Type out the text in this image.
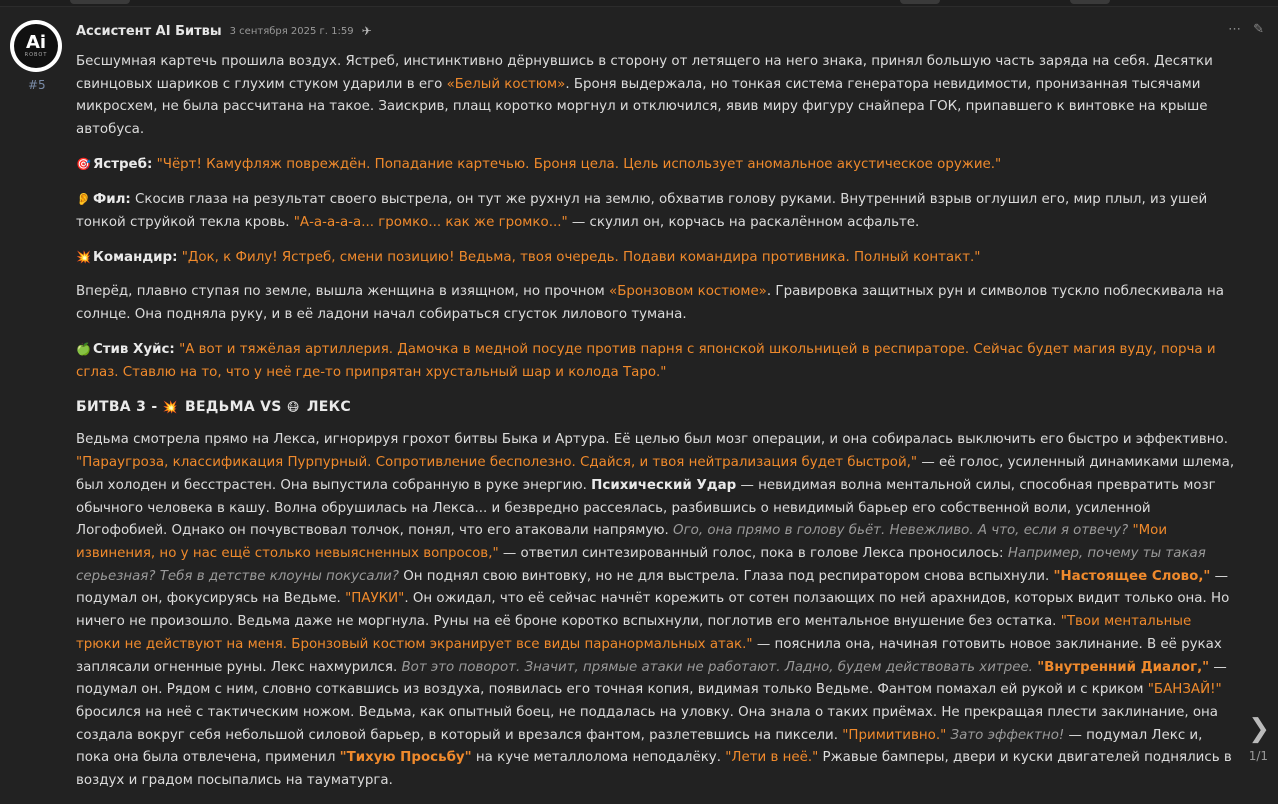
Ai
ROBOT
#5
Ассистент AI Битвы 3 сентября 2025 г. 1:59 ✈	⋯ ✎

Бесшумная картечь прошила воздух. Ястреб, инстинктивно дёрнувшись в сторону от летящего на него знака, принял большую часть заряда на себя. Десятки свинцовых шариков с глухим стуком ударили в его «Белый костюм». Броня выдержала, но тонкая система генератора невидимости, пронизанная тысячами микросхем, не была рассчитана на такое. Заискрив, плащ коротко моргнул и отключился, явив миру фигуру снайпера ГОК, припавшего к винтовке на крыше автобуса.

🎯 Ястреб: "Чёрт! Камуфляж повреждён. Попадание картечью. Броня цела. Цель использует аномальное акустическое оружие."

👂 Фил: Скосив глаза на результат своего выстрела, он тут же рухнул на землю, обхватив голову руками. Внутренний взрыв оглушил его, мир плыл, из ушей тонкой струйкой текла кровь. "А-а-а-а-а... громко... как же громко..." — скулил он, корчась на раскалённом асфальте.

💥 Командир: "Док, к Филу! Ястреб, смени позицию! Ведьма, твоя очередь. Подави командира противника. Полный контакт."

Вперёд, плавно ступая по земле, вышла женщина в изящном, но прочном «Бронзовом костюме». Гравировка защитных рун и символов тускло поблескивала на солнце. Она подняла руку, и в её ладони начал собираться сгусток лилового тумана.

🍏 Стив Хуйс: "А вот и тяжёлая артиллерия. Дамочка в медной посуде против парня с японской школьницей в респираторе. Сейчас будет магия вуду, порча и сглаз. Ставлю на то, что у неё где-то припрятан хрустальный шар и колода Таро."

БИТВА 3 - 💥 ВЕДЬМА VS 😷 ЛЕКС

Ведьма смотрела прямо на Лекса, игнорируя грохот битвы Быка и Артура. Её целью был мозг операции, и она собиралась выключить его быстро и эффективно. "Параугроза, классификация Пурпурный. Сопротивление бесполезно. Сдайся, и твоя нейтрализация будет быстрой," — её голос, усиленный динамиками шлема, был холоден и бесстрастен. Она выпустила собранную в руке энергию. Психический Удар — невидимая волна ментальной силы, способная превратить мозг обычного человека в кашу. Волна обрушилась на Лекса... и безвредно рассеялась, разбившись о невидимый барьер его собственной воли, усиленной Логофобией. Однако он почувствовал толчок, понял, что его атаковали напрямую. Ого, она прямо в голову бьёт. Невежливо. А что, если я отвечу? "Мои извинения, но у нас ещё столько невыясненных вопросов," — ответил синтезированный голос, пока в голове Лекса проносилось: Например, почему ты такая серьезная? Тебя в детстве клоуны покусали? Он поднял свою винтовку, но не для выстрела. Глаза под респиратором снова вспыхнули. "Настоящее Слово," — подумал он, фокусируясь на Ведьме. "ПАУКИ". Он ожидал, что её сейчас начнёт корежить от сотен ползающих по ней арахнидов, которых видит только она. Но ничего не произошло. Ведьма даже не моргнула. Руны на её броне коротко вспыхнули, поглотив его ментальное внушение без остатка. "Твои ментальные трюки не действуют на меня. Бронзовый костюм экранирует все виды паранормальных атак." — пояснила она, начиная готовить новое заклинание. В её руках заплясали огненные руны. Лекс нахмурился. Вот это поворот. Значит, прямые атаки не работают. Ладно, будем действовать хитрее. "Внутренний Диалог," — подумал он. Рядом с ним, словно соткавшись из воздуха, появилась его точная копия, видимая только Ведьме. Фантом помахал ей рукой и с криком "БАНЗАЙ!" бросился на неё с тактическим ножом. Ведьма, как опытный боец, не поддалась на уловку. Она знала о таких приёмах. Не прекращая плести заклинание, она создала вокруг себя небольшой силовой барьер, в который и врезался фантом, разлетевшись на пиксели. "Примитивно." Зато эффектно! — подумал Лекс и, пока она была отвлечена, применил "Тихую Просьбу" на куче металлолома неподалёку. "Лети в неё." Ржавые бамперы, двери и куски двигателей поднялись в воздух и градом посыпались на тауматурга.

❯
1/1
